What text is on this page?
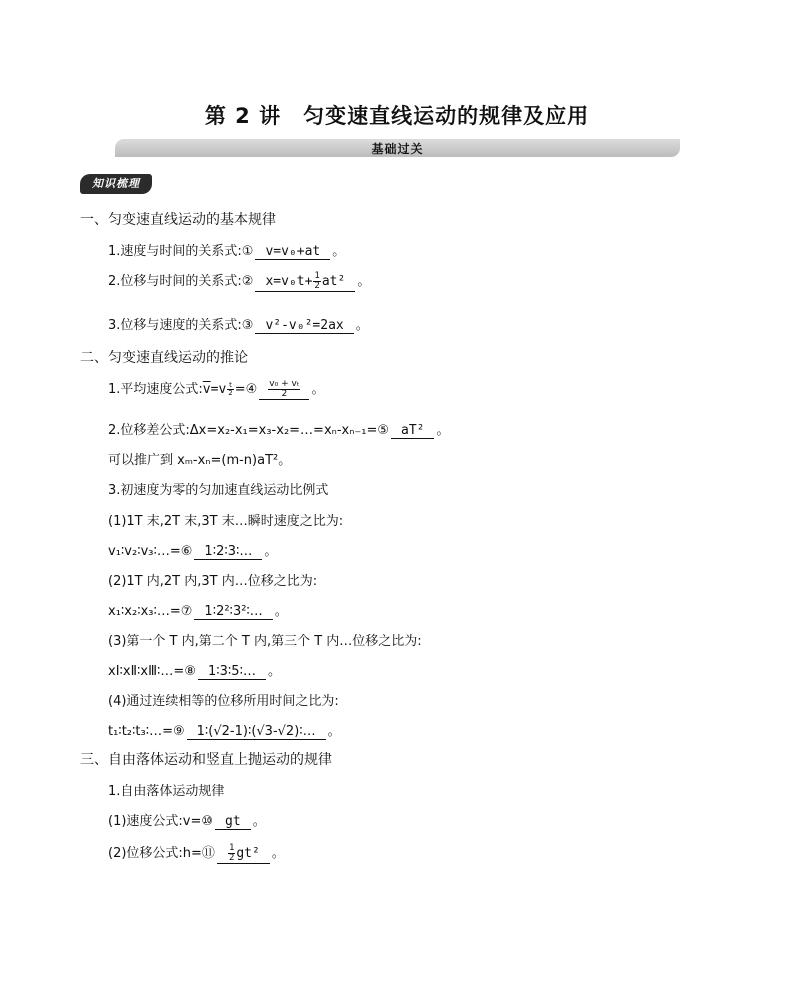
第 2 讲　匀变速直线运动的规律及应用
基础过关
知识梳理
一、匀变速直线运动的基本规律
1.速度与时间的关系式:① v=v₀+at 。
2.位移与时间的关系式:② $x=v_0t+ \frac{1}{2} at^2$ 。
3.位移与速度的关系式:③ v²-v₀²=2ax 。
二、匀变速直线运动的推论
1.平均速度公式$:\overline{v}=v \frac{t}{2}$ =④ $\frac{\text{v₀ + vₜ}}{2}$ 。
2.位移差公式:Δx=x₂-x₁=x₃-x₂=…=xₙ-xₙ₋₁=⑤ aT² 。
可以推广到 xₘ-xₙ=(m-n)aT²。
3.初速度为零的匀加速直线运动比例式
(1)1T 末,2T 末,3T 末…瞬时速度之比为:
v₁∶v₂∶v₃∶…=⑥ 1∶2∶3∶… 。
(2)1T 内,2T 内,3T 内…位移之比为:
x₁∶x₂∶x₃∶…=⑦ 1∶2²∶3²∶… 。
(3)第一个 T 内,第二个 T 内,第三个 T 内…位移之比为:
xⅠ∶xⅡ∶xⅢ∶…=⑧ 1∶3∶5∶… 。
(4)通过连续相等的位移所用时间之比为:
t₁∶t₂∶t₃∶…=⑨ 1∶(√2-1)∶(√3-√2)∶… 。
三、自由落体运动和竖直上抛运动的规律
1.自由落体运动规律
(1)速度公式:v=⑩ gt 。
(2)位移公式:h=⑪ $\frac{1}{2} gt^2$ 。
